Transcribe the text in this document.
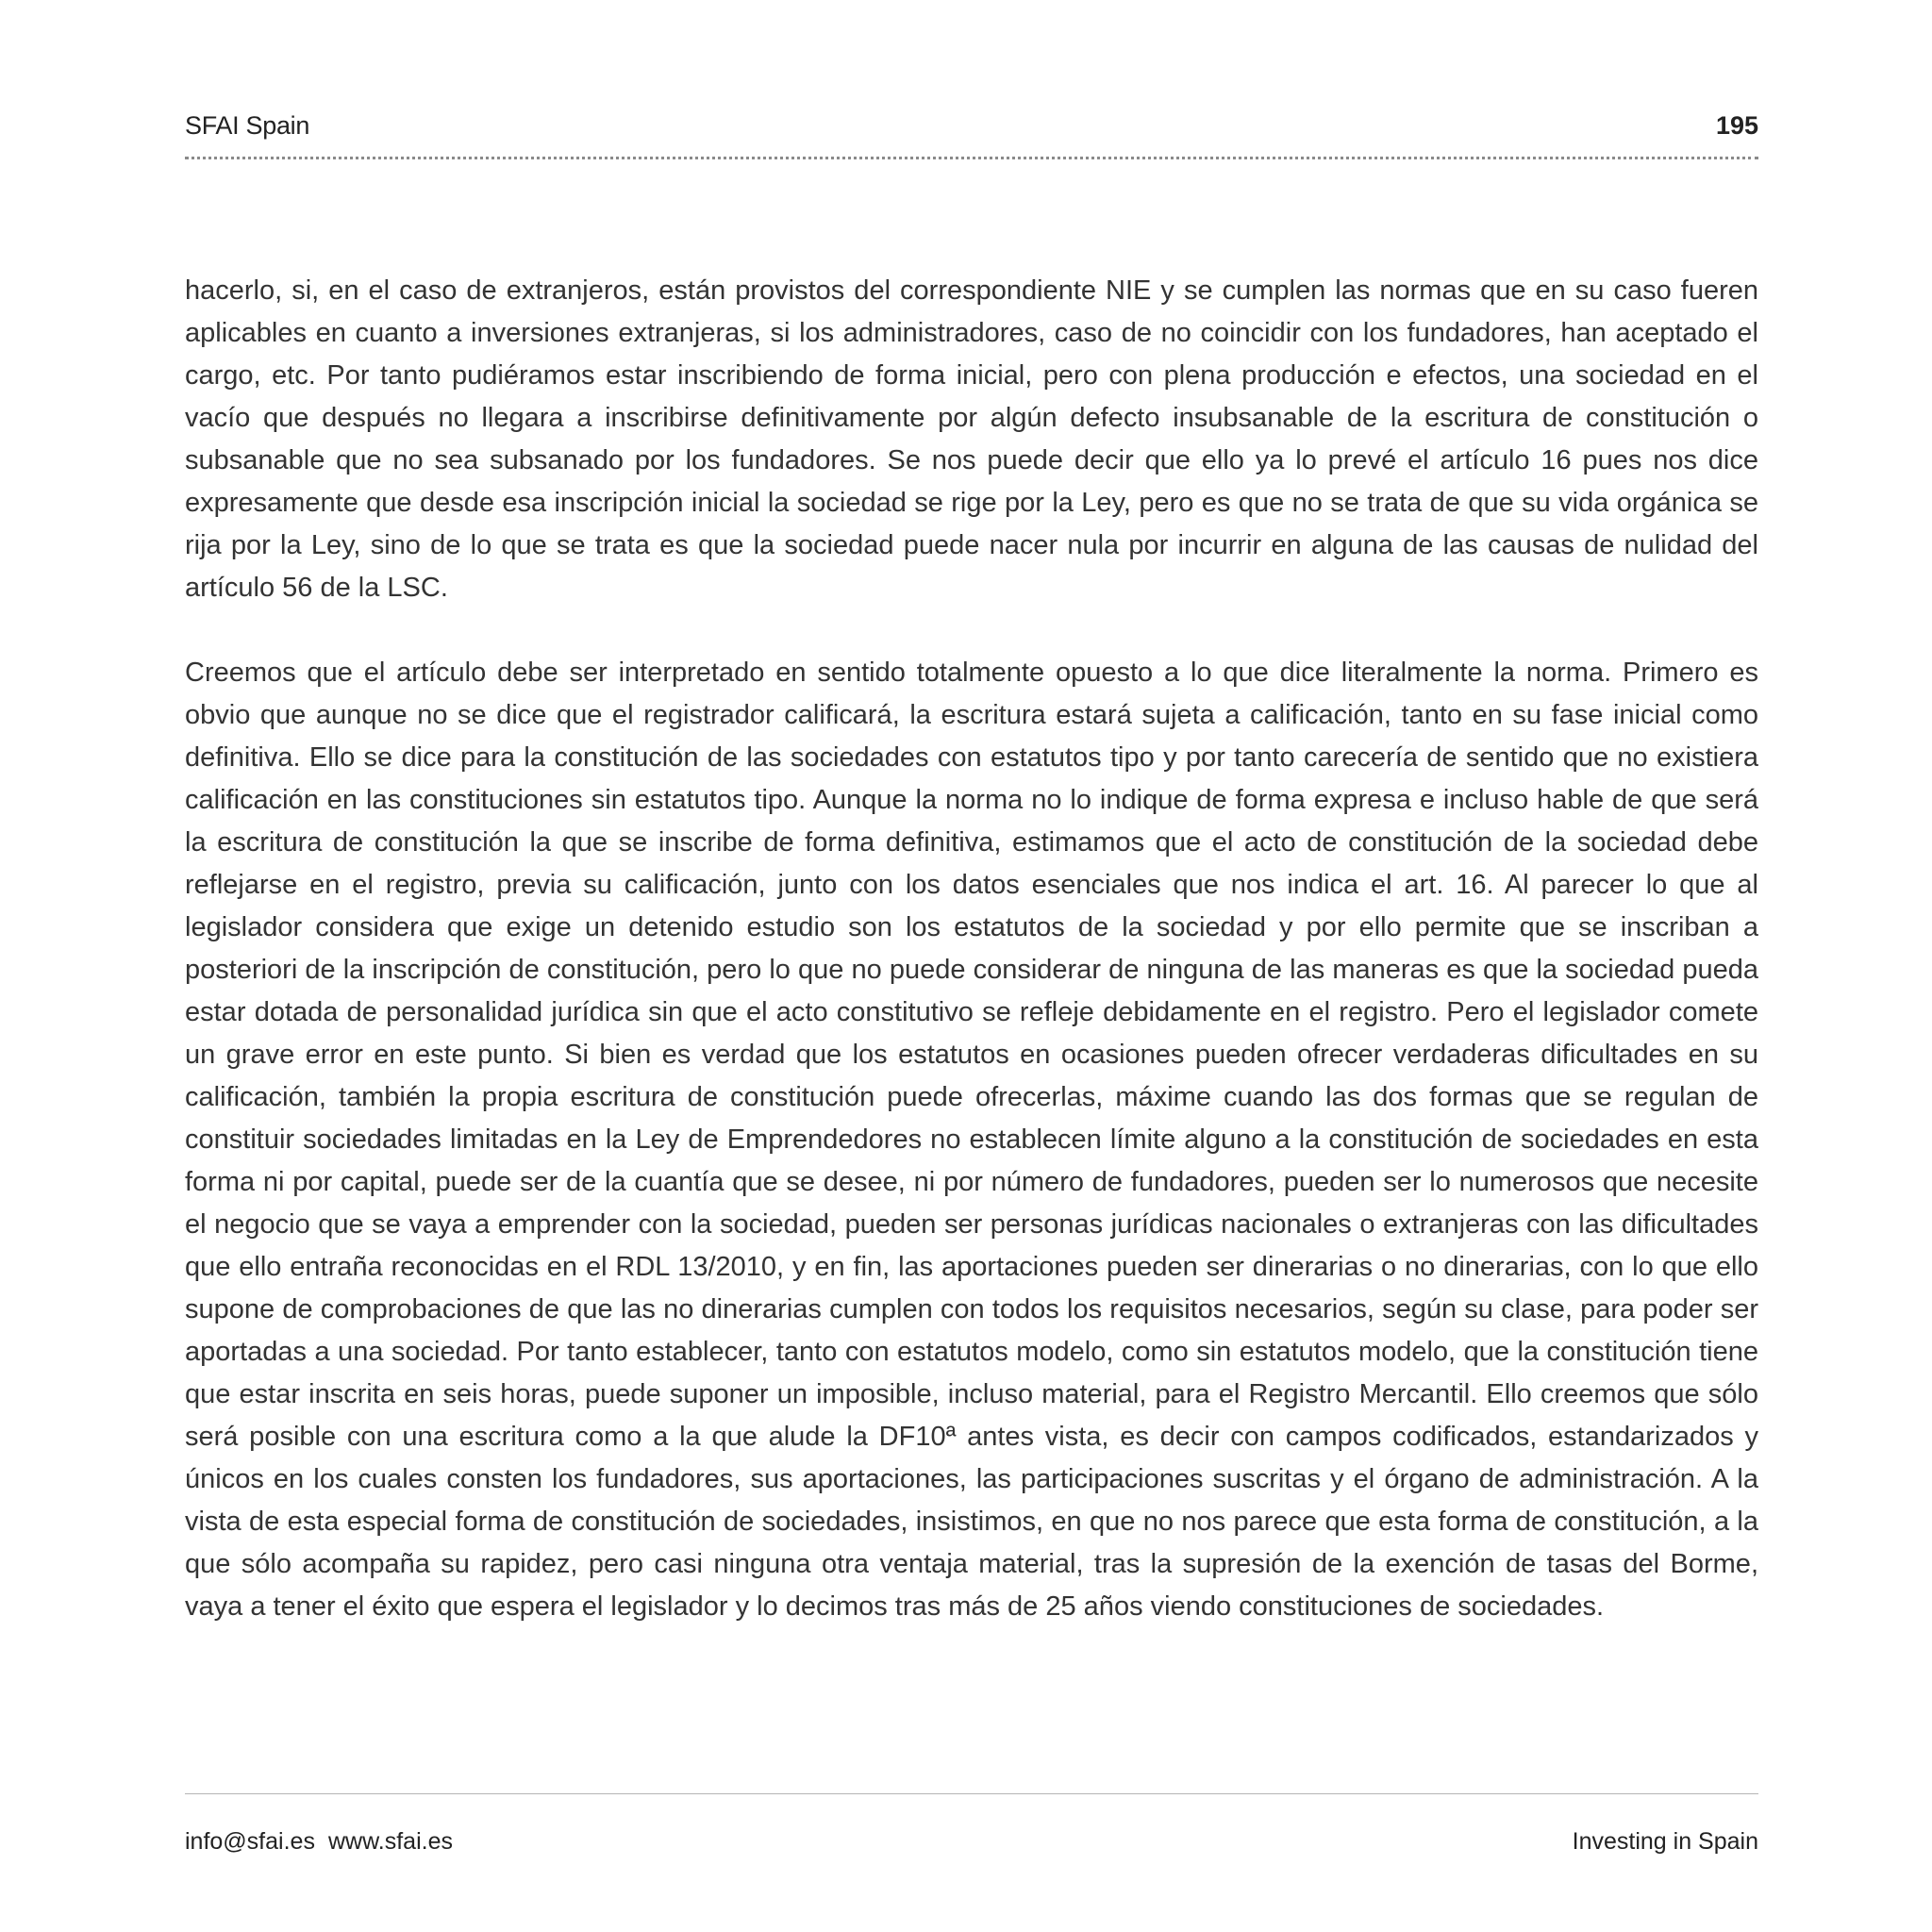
SFAI Spain	195

hacerlo, si, en el caso de extranjeros, están provistos del correspondiente NIE y se cumplen las normas que en su caso fueren aplicables en cuanto a inversiones extranjeras, si los administradores, caso de no coincidir con los fundadores, han aceptado el cargo, etc. Por tanto pudiéramos estar inscribiendo de forma inicial, pero con plena producción e efectos, una sociedad en el vacío que después no llegara a inscribirse definitivamente por algún defecto insubsanable de la escritura de constitución o subsanable que no sea subsanado por los fundadores. Se nos puede decir que ello ya lo prevé el artículo 16 pues nos dice expresamente que desde esa inscripción inicial la sociedad se rige por la Ley, pero es que no se trata de que su vida orgánica se rija por la Ley, sino de lo que se trata es que la sociedad puede nacer nula por incurrir en alguna de las causas de nulidad del artículo 56 de la LSC.

Creemos que el artículo debe ser interpretado en sentido totalmente opuesto a lo que dice literalmente la norma. Primero es obvio que aunque no se dice que el registrador calificará, la escritura estará sujeta a calificación, tanto en su fase inicial como definitiva. Ello se dice para la constitución de las sociedades con estatutos tipo y por tanto carecería de sentido que no existiera calificación en las constituciones sin estatutos tipo. Aunque la norma no lo indique de forma expresa e incluso hable de que será la escritura de constitución la que se inscribe de forma definitiva, estimamos que el acto de constitución de la sociedad debe reflejarse en el registro, previa su calificación, junto con los datos esenciales que nos indica el art. 16. Al parecer lo que al legislador considera que exige un detenido estudio son los estatutos de la sociedad y por ello permite que se inscriban a posteriori de la inscripción de constitución, pero lo que no puede considerar de ninguna de las maneras es que la sociedad pueda estar dotada de personalidad jurídica sin que el acto constitutivo se refleje debidamente en el registro. Pero el legislador comete un grave error en este punto. Si bien es verdad que los estatutos en ocasiones pueden ofrecer verdaderas dificultades en su calificación, también la propia escritura de constitución puede ofrecerlas, máxime cuando las dos formas que se regulan de constituir sociedades limitadas en la Ley de Emprendedores no establecen límite alguno a la constitución de sociedades en esta forma ni por capital, puede ser de la cuantía que se desee, ni por número de fundadores, pueden ser lo numerosos que necesite el negocio que se vaya a emprender con la sociedad, pueden ser personas jurídicas nacionales o extranjeras con las dificultades que ello entraña reconocidas en el RDL 13/2010, y en fin, las aportaciones pueden ser dinerarias o no dinerarias, con lo que ello supone de comprobaciones de que las no dinerarias cumplen con todos los requisitos necesarios, según su clase, para poder ser aportadas a una sociedad. Por tanto establecer, tanto con estatutos modelo, como sin estatutos modelo, que la constitución tiene que estar inscrita en seis horas, puede suponer un imposible, incluso material, para el Registro Mercantil. Ello creemos que sólo será posible con una escritura como a la que alude la DF10ª antes vista, es decir con campos codificados, estandarizados y únicos en los cuales consten los fundadores, sus aportaciones, las participaciones suscritas y el órgano de administración. A la vista de esta especial forma de constitución de sociedades, insistimos, en que no nos parece que esta forma de constitución, a la que sólo acompaña su rapidez, pero casi ninguna otra ventaja material, tras la supresión de la exención de tasas del Borme, vaya a tener el éxito que espera el legislador y lo decimos tras más de 25 años viendo constituciones de sociedades.

info@sfai.es www.sfai.es	Investing in Spain
